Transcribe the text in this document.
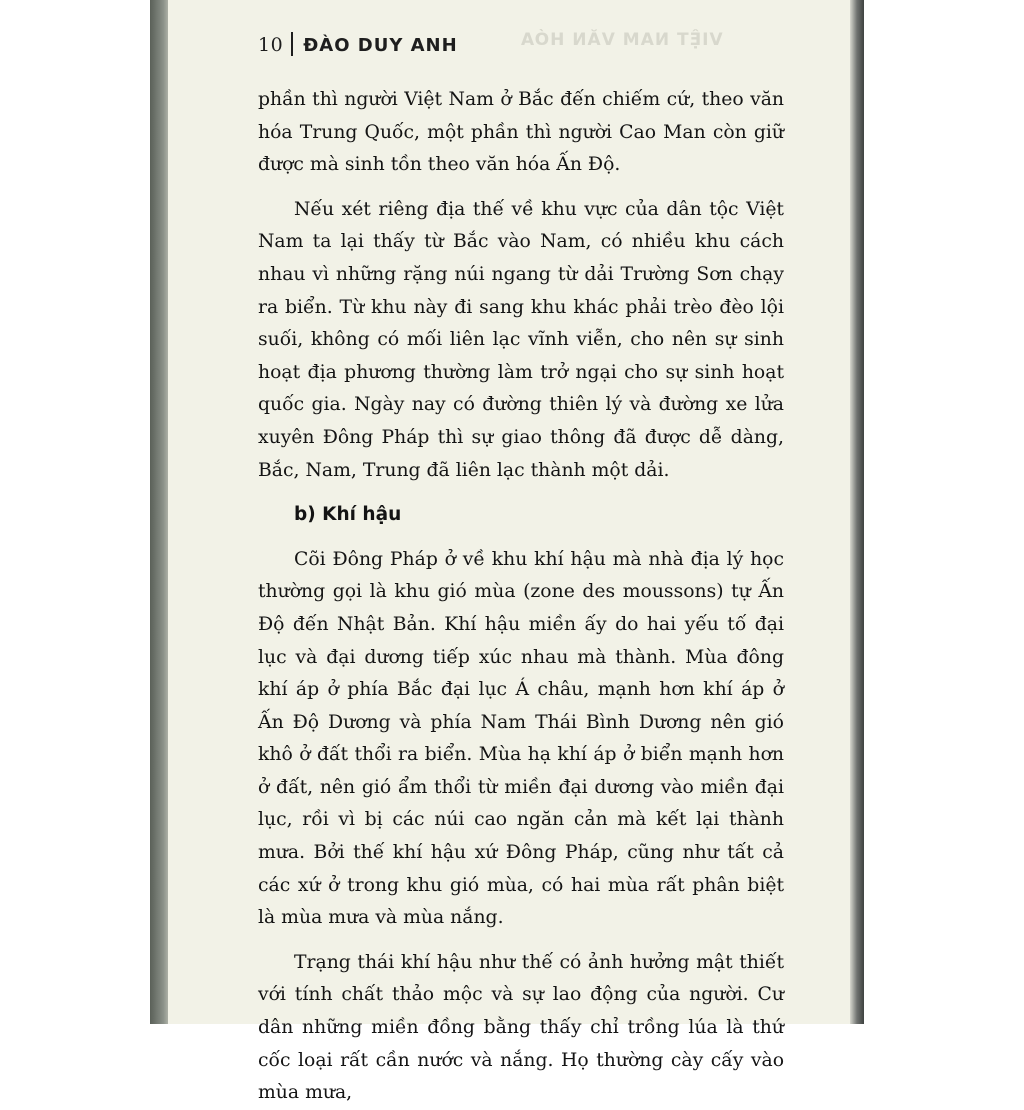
VIỆT NAM VĂN HÓA
10 ĐÀO DUY ANH

phần thì người Việt Nam ở Bắc đến chiếm cứ, theo văn hóa Trung Quốc, một phần thì người Cao Man còn giữ được mà sinh tồn theo văn hóa Ấn Độ.

Nếu xét riêng địa thế về khu vực của dân tộc Việt Nam ta lại thấy từ Bắc vào Nam, có nhiều khu cách nhau vì những rặng núi ngang từ dải Trường Sơn chạy ra biển. Từ khu này đi sang khu khác phải trèo đèo lội suối, không có mối liên lạc vĩnh viễn, cho nên sự sinh hoạt địa phương thường làm trở ngại cho sự sinh hoạt quốc gia. Ngày nay có đường thiên lý và đường xe lửa xuyên Đông Pháp thì sự giao thông đã được dễ dàng, Bắc, Nam, Trung đã liên lạc thành một dải.

b) Khí hậu

Cõi Đông Pháp ở về khu khí hậu mà nhà địa lý học thường gọi là khu gió mùa (zone des moussons) tự Ấn Độ đến Nhật Bản. Khí hậu miền ấy do hai yếu tố đại lục và đại dương tiếp xúc nhau mà thành. Mùa đông khí áp ở phía Bắc đại lục Á châu, mạnh hơn khí áp ở Ấn Độ Dương và phía Nam Thái Bình Dương nên gió khô ở đất thổi ra biển. Mùa hạ khí áp ở biển mạnh hơn ở đất, nên gió ẩm thổi từ miền đại dương vào miền đại lục, rồi vì bị các núi cao ngăn cản mà kết lại thành mưa. Bởi thế khí hậu xứ Đông Pháp, cũng như tất cả các xứ ở trong khu gió mùa, có hai mùa rất phân biệt là mùa mưa và mùa nắng.

Trạng thái khí hậu như thế có ảnh hưởng mật thiết với tính chất thảo mộc và sự lao động của người. Cư dân những miền đồng bằng thấy chỉ trồng lúa là thứ cốc loại rất cần nước và nắng. Họ thường cày cấy vào mùa mưa,
